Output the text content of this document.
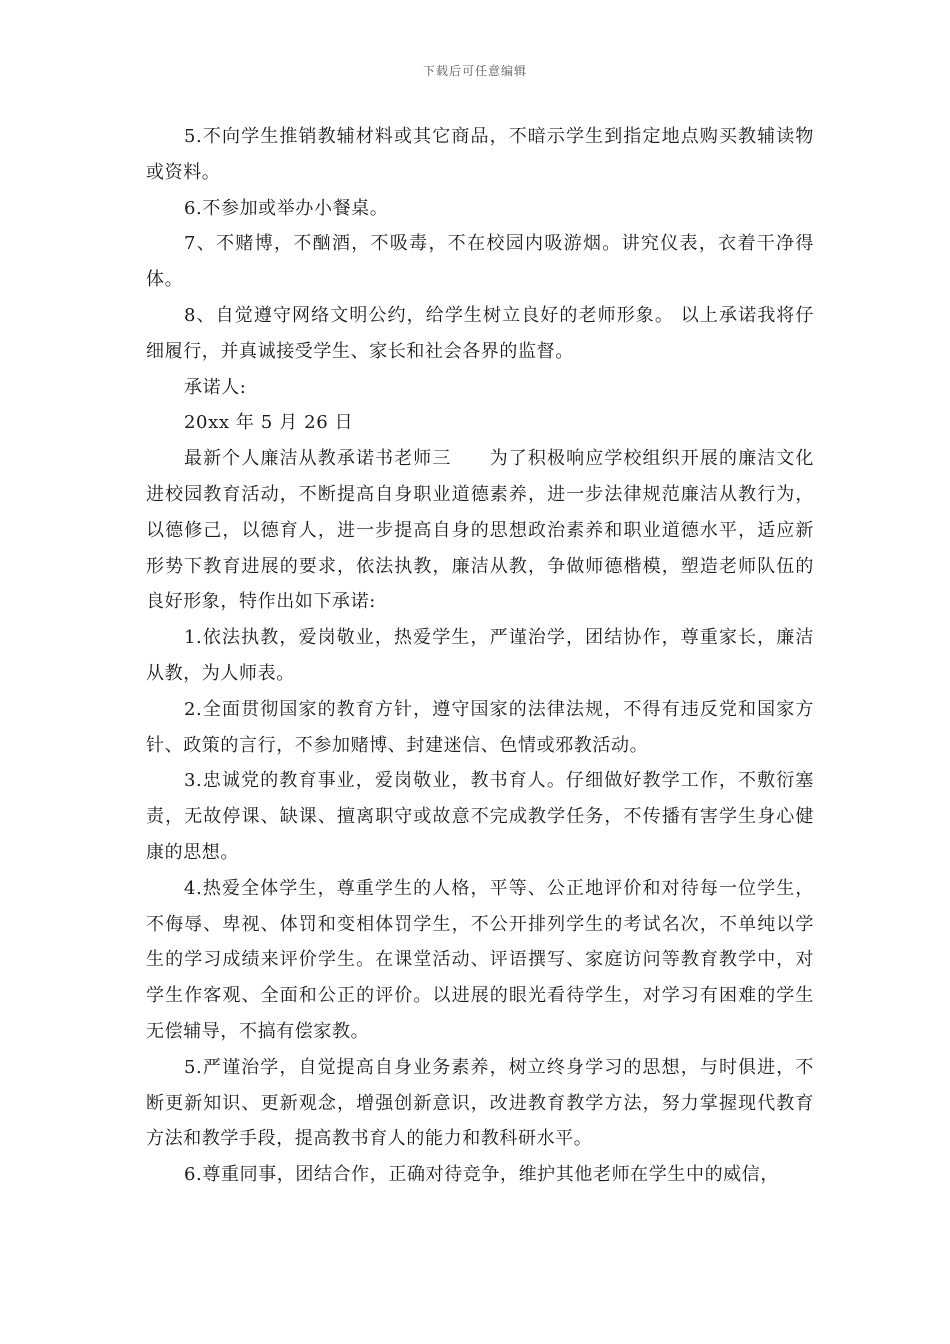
下载后可任意编辑

5.不向学生推销教辅材料或其它商品，不暗示学生到指定地点购买教辅读物或资料。

6.不参加或举办小餐桌。

7、不赌博，不酗酒，不吸毒，不在校园内吸游烟。讲究仪表，衣着干净得体。

8、自觉遵守网络文明公约，给学生树立良好的老师形象。 以上承诺我将仔细履行，并真诚接受学生、家长和社会各界的监督。

承诺人:

20xx 年 5 月 26 日

最新个人廉洁从教承诺书老师三　　为了积极响应学校组织开展的廉洁文化进校园教育活动，不断提高自身职业道德素养，进一步法律规范廉洁从教行为，以德修己，以德育人，进一步提高自身的思想政治素养和职业道德水平，适应新形势下教育进展的要求，依法执教，廉洁从教，争做师德楷模，塑造老师队伍的良好形象，特作出如下承诺:

1.依法执教，爱岗敬业，热爱学生，严谨治学，团结协作，尊重家长，廉洁从教，为人师表。

2.全面贯彻国家的教育方针，遵守国家的法律法规，不得有违反党和国家方针、政策的言行，不参加赌博、封建迷信、色情或邪教活动。

3.忠诚党的教育事业，爱岗敬业，教书育人。仔细做好教学工作，不敷衍塞责，无故停课、缺课、擅离职守或故意不完成教学任务，不传播有害学生身心健康的思想。

4.热爱全体学生，尊重学生的人格，平等、公正地评价和对待每一位学生，不侮辱、卑视、体罚和变相体罚学生，不公开排列学生的考试名次，不单纯以学生的学习成绩来评价学生。在课堂活动、评语撰写、家庭访问等教育教学中，对学生作客观、全面和公正的评价。以进展的眼光看待学生，对学习有困难的学生无偿辅导，不搞有偿家教。

5.严谨治学，自觉提高自身业务素养，树立终身学习的思想，与时俱进，不断更新知识、更新观念，增强创新意识，改进教育教学方法，努力掌握现代教育方法和教学手段，提高教书育人的能力和教科研水平。

6.尊重同事，团结合作，正确对待竞争，维护其他老师在学生中的威信，
